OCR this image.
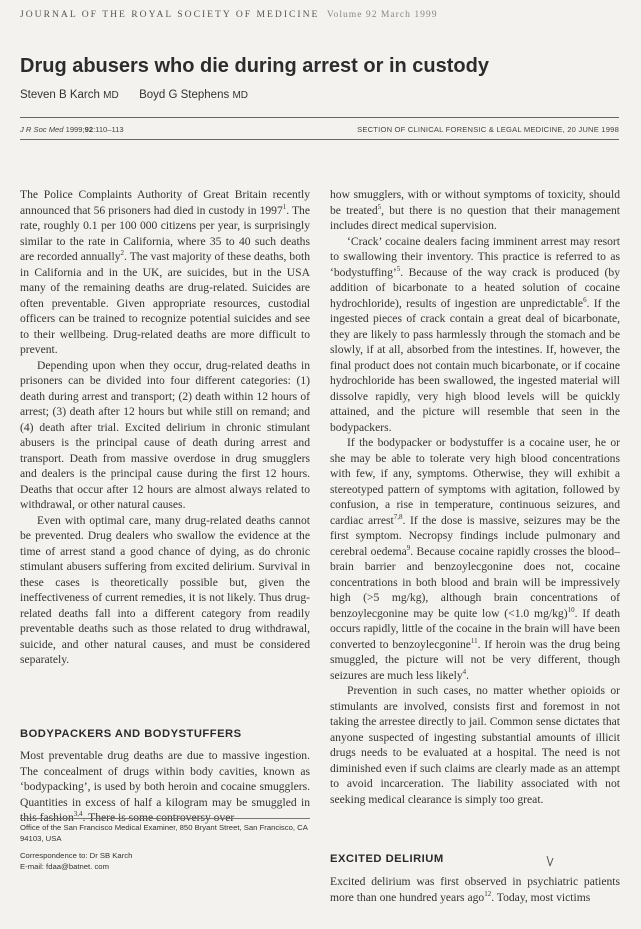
JOURNAL OF THE ROYAL SOCIETY OF MEDICINE Volume 92 March 1999
Drug abusers who die during arrest or in custody
Steven B Karch MD Boyd G Stephens MD
J R Soc Med 1999;92:110–113	SECTION OF CLINICAL FORENSIC & LEGAL MEDICINE, 20 JUNE 1998

The Police Complaints Authority of Great Britain recently announced that 56 prisoners had died in custody in 1997$^1$. The rate, roughly 0.1 per 100 000 citizens per year, is surprisingly similar to the rate in California, where 35 to 40 such deaths are recorded annually$^2$. The vast majority of these deaths, both in California and in the UK, are suicides, but in the USA many of the remaining deaths are drug-related. Suicides are often preventable. Given appropriate resources, custodial officers can be trained to recognize potential suicides and see to their wellbeing. Drug-related deaths are more difficult to prevent.

Depending upon when they occur, drug-related deaths in prisoners can be divided into four different categories: (1) death during arrest and transport; (2) death within 12 hours of arrest; (3) death after 12 hours but while still on remand; and (4) death after trial. Excited delirium in chronic stimulant abusers is the principal cause of death during arrest and transport. Death from massive overdose in drug smugglers and dealers is the principal cause during the first 12 hours. Deaths that occur after 12 hours are almost always related to withdrawal, or other natural causes.

Even with optimal care, many drug-related deaths cannot be prevented. Drug dealers who swallow the evidence at the time of arrest stand a good chance of dying, as do chronic stimulant abusers suffering from excited delirium. Survival in these cases is theoretically possible but, given the ineffectiveness of current remedies, it is not likely. Thus drug-related deaths fall into a different category from readily preventable deaths such as those related to drug withdrawal, suicide, and other natural causes, and must be considered separately.

BODYPACKERS AND BODYSTUFFERS

Most preventable drug deaths are due to massive ingestion. The concealment of drugs within body cavities, known as ‘bodypacking’, is used by both heroin and cocaine smugglers. Quantities in excess of half a kilogram may be smuggled in this fashion$^{3,4}$. There is some controversy over

Office of the San Francisco Medical Examiner, 850 Bryant Street, San Francisco, CA 94103, USA
Correspondence to: Dr SB Karch
E-mail: fdaa@batnet. com

how smugglers, with or without symptoms of toxicity, should be treated$^5$, but there is no question that their management includes direct medical supervision.

‘Crack’ cocaine dealers facing imminent arrest may resort to swallowing their inventory. This practice is referred to as ‘bodystuffing’$^5$. Because of the way crack is produced (by addition of bicarbonate to a heated solution of cocaine hydrochloride), results of ingestion are unpredictable$^6$. If the ingested pieces of crack contain a great deal of bicarbonate, they are likely to pass harmlessly through the stomach and be slowly, if at all, absorbed from the intestines. If, however, the final product does not contain much bicarbonate, or if cocaine hydrochloride has been swallowed, the ingested material will dissolve rapidly, very high blood levels will be quickly attained, and the picture will resemble that seen in the bodypackers.

If the bodypacker or bodystuffer is a cocaine user, he or she may be able to tolerate very high blood concentrations with few, if any, symptoms. Otherwise, they will exhibit a stereotyped pattern of symptoms with agitation, followed by confusion, a rise in temperature, continuous seizures, and cardiac arrest$^{7,8}$. If the dose is massive, seizures may be the first symptom. Necropsy findings include pulmonary and cerebral oedema$^9$. Because cocaine rapidly crosses the blood–brain barrier and benzoylecgonine does not, cocaine concentrations in both blood and brain will be impressively high (>5 mg/kg), although brain concentrations of benzoylecgonine may be quite low (<1.0 mg/kg)$^{10}$. If death occurs rapidly, little of the cocaine in the brain will have been converted to benzoylecgonine$^{11}$. If heroin was the drug being smuggled, the picture will not be very different, though seizures are much less likely$^4$.

Prevention in such cases, no matter whether opioids or stimulants are involved, consists first and foremost in not taking the arrestee directly to jail. Common sense dictates that anyone suspected of ingesting substantial amounts of illicit drugs needs to be evaluated at a hospital. The need is not diminished even if such claims are clearly made as an attempt to avoid incarceration. The liability associated with not seeking medical clearance is simply too great.

EXCITED DELIRIUM

Excited delirium was first observed in psychiatric patients more than one hundred years ago$^{12}$. Today, most victims
